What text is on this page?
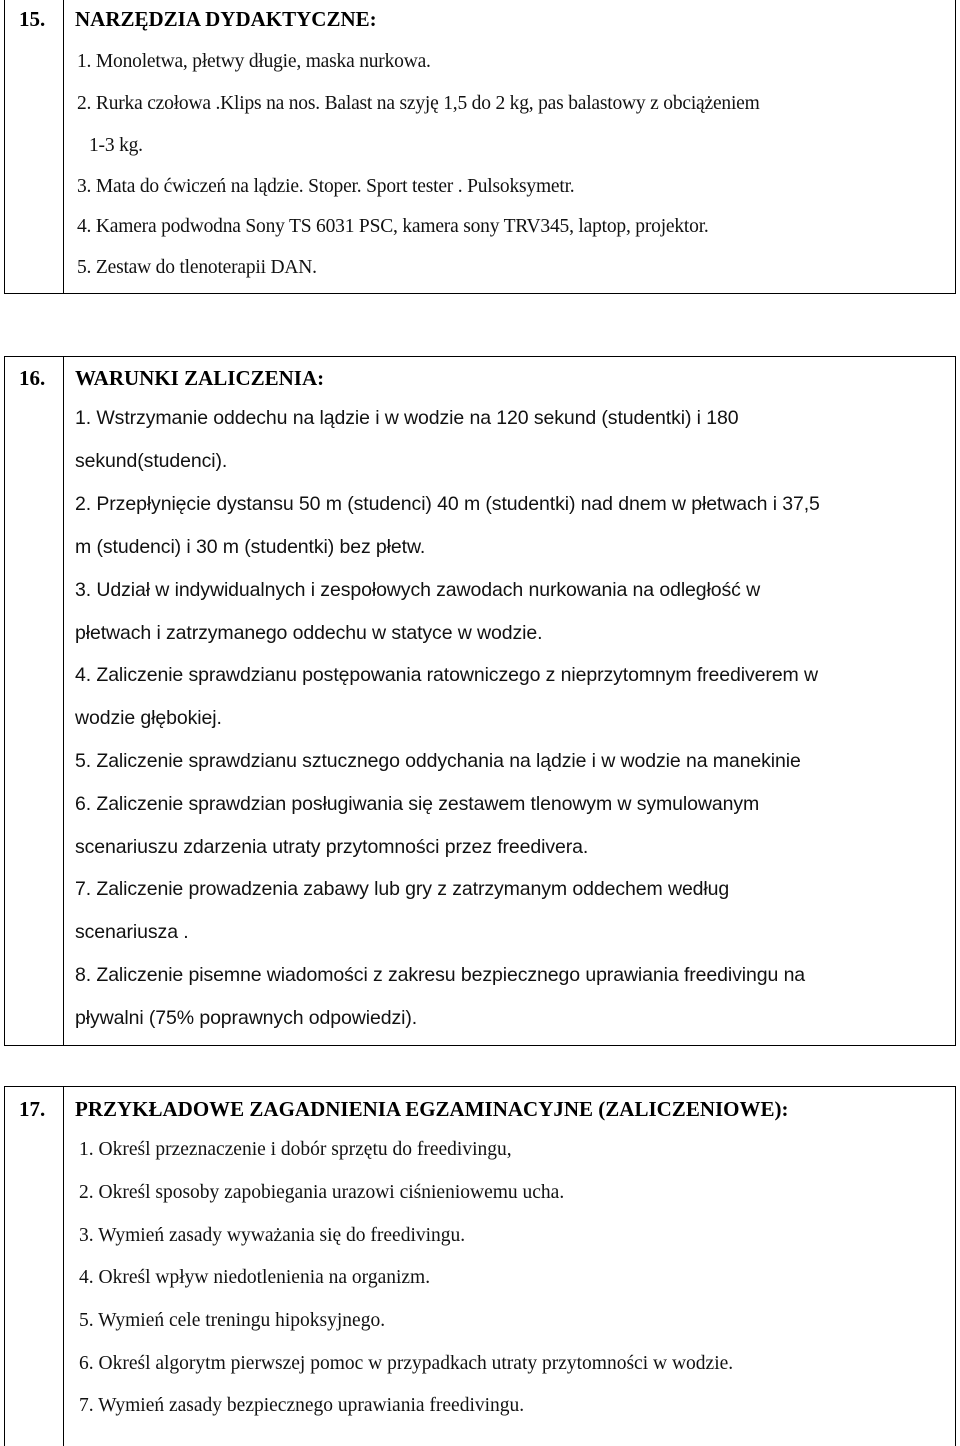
15. NARZĘDZIA DYDAKTYCZNE:
1. Monoletwa, płetwy długie, maska nurkowa.
2. Rurka czołowa .Klips na nos. Balast na szyję 1,5 do 2 kg, pas balastowy z obciążeniem
1-3 kg.
3. Mata do ćwiczeń na lądzie. Stoper. Sport tester . Pulsoksymetr.
4. Kamera podwodna Sony TS 6031 PSC, kamera sony TRV345, laptop, projektor.
5. Zestaw do tlenoterapii DAN.
16. WARUNKI ZALICZENIA:
1. Wstrzymanie oddechu na lądzie i w wodzie na 120 sekund (studentki) i 180
sekund(studenci).
2. Przepłynięcie dystansu 50 m (studenci) 40 m (studentki) nad dnem w płetwach i 37,5
m (studenci) i 30 m (studentki) bez płetw.
3. Udział w indywidualnych i zespołowych zawodach nurkowania na odległość w
płetwach i zatrzymanego oddechu w statyce w wodzie.
4. Zaliczenie sprawdzianu postępowania ratowniczego z nieprzytomnym freediverem w
wodzie głębokiej.
5. Zaliczenie sprawdzianu sztucznego oddychania na lądzie i w wodzie na manekinie
6. Zaliczenie sprawdzian posługiwania się zestawem tlenowym w symulowanym
scenariuszu zdarzenia utraty przytomności przez freedivera.
7. Zaliczenie prowadzenia zabawy lub gry z zatrzymanym oddechem według
scenariusza .
8. Zaliczenie pisemne wiadomości z zakresu bezpiecznego uprawiania freedivingu na
pływalni (75% poprawnych odpowiedzi).
17. PRZYKŁADOWE ZAGADNIENIA EGZAMINACYJNE (ZALICZENIOWE):
1. Określ przeznaczenie i dobór sprzętu do freedivingu,
2. Określ sposoby zapobiegania urazowi ciśnieniowemu ucha.
3. Wymień zasady wyważania się do freedivingu.
4. Określ wpływ niedotlenienia na organizm.
5. Wymień cele treningu hipoksyjnego.
6. Określ algorytm pierwszej pomoc w przypadkach utraty przytomności w wodzie.
7. Wymień zasady bezpiecznego uprawiania freedivingu.
